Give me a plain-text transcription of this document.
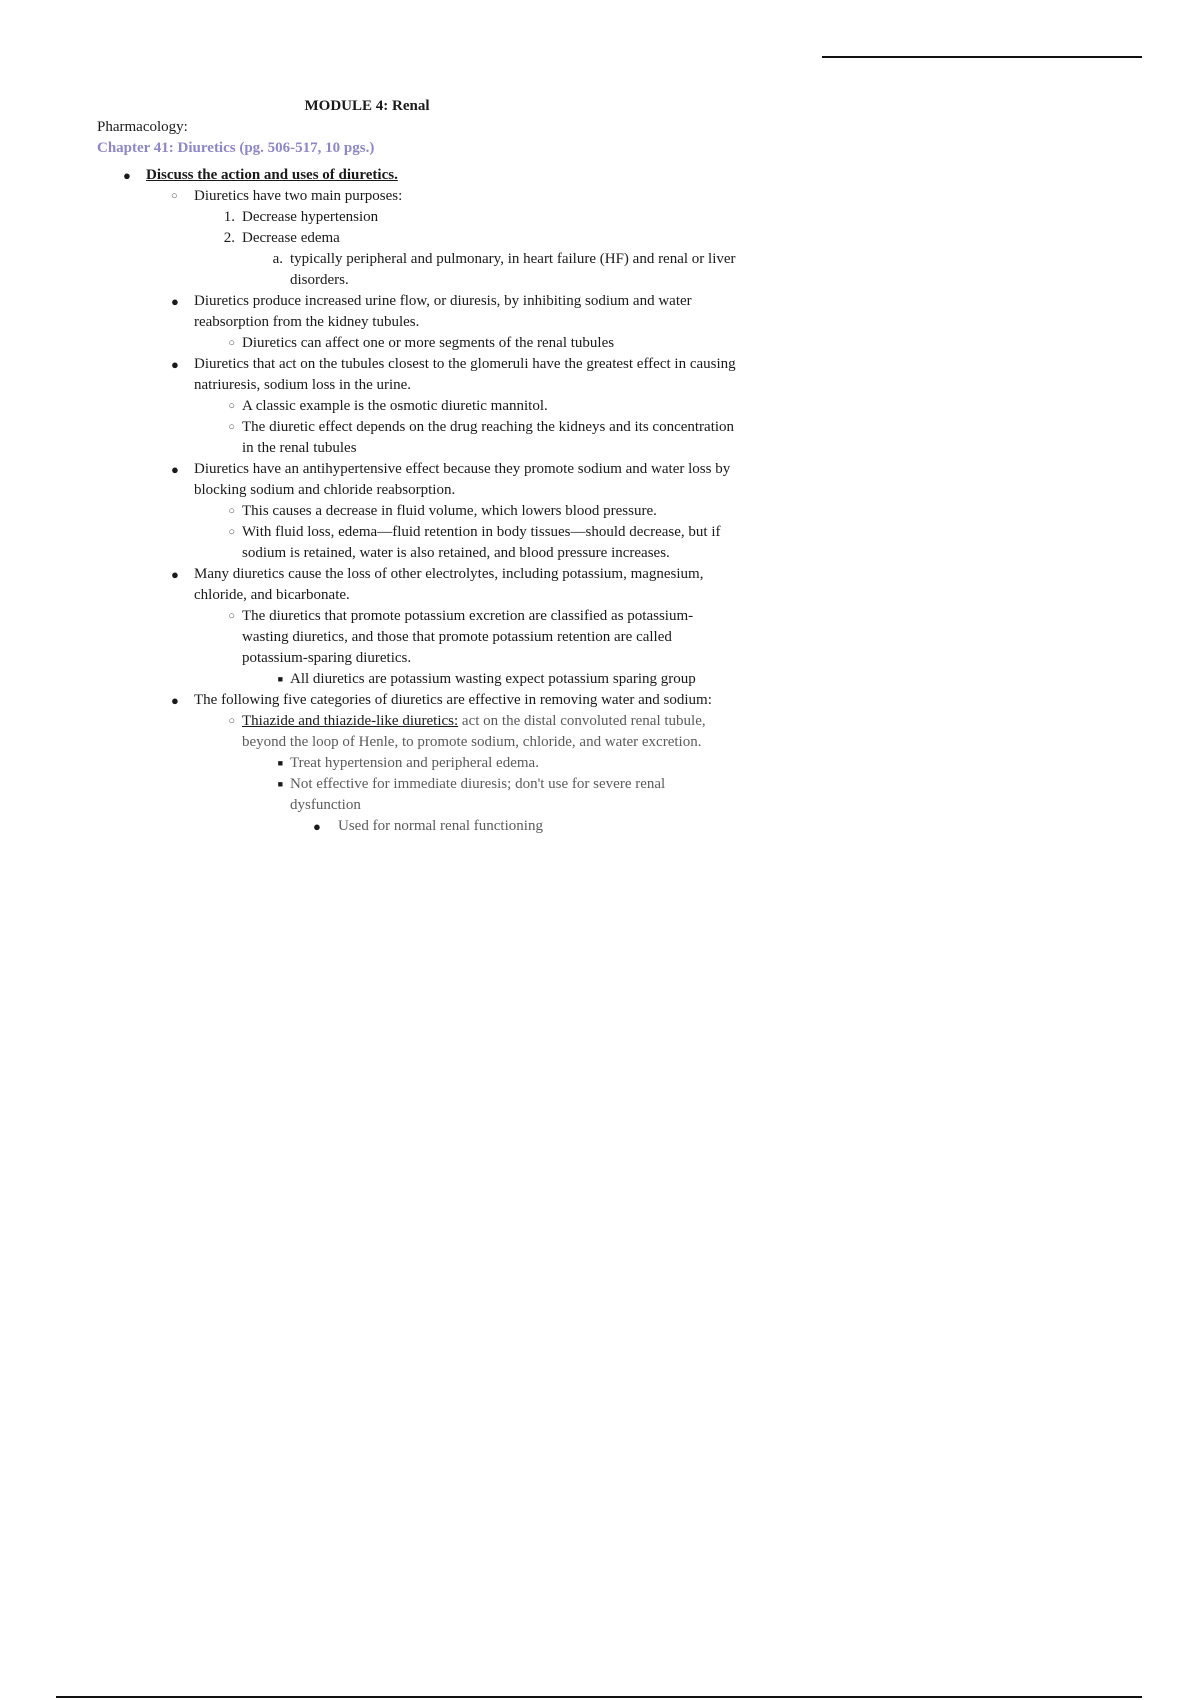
MODULE 4: Renal
Pharmacology:
Chapter 41: Diuretics (pg. 506-517, 10 pgs.)
● Discuss the action and uses of diuretics.
○ Diuretics have two main purposes:
1. Decrease hypertension
2. Decrease edema
a. typically peripheral and pulmonary, in heart failure (HF) and renal or liver disorders.
● Diuretics produce increased urine flow, or diuresis, by inhibiting sodium and water reabsorption from the kidney tubules.
○ Diuretics can affect one or more segments of the renal tubules
● Diuretics that act on the tubules closest to the glomeruli have the greatest effect in causing natriuresis, sodium loss in the urine.
○ A classic example is the osmotic diuretic mannitol.
○ The diuretic effect depends on the drug reaching the kidneys and its concentration in the renal tubules
● Diuretics have an antihypertensive effect because they promote sodium and water loss by blocking sodium and chloride reabsorption.
○ This causes a decrease in fluid volume, which lowers blood pressure.
○ With fluid loss, edema—fluid retention in body tissues—should decrease, but if sodium is retained, water is also retained, and blood pressure increases.
● Many diuretics cause the loss of other electrolytes, including potassium, magnesium, chloride, and bicarbonate.
○ The diuretics that promote potassium excretion are classified as potassium-wasting diuretics, and those that promote potassium retention are called potassium-sparing diuretics.
■ All diuretics are potassium wasting expect potassium sparing group
● The following five categories of diuretics are effective in removing water and sodium:
○ Thiazide and thiazide-like diuretics: act on the distal convoluted renal tubule, beyond the loop of Henle, to promote sodium, chloride, and water excretion.
■ Treat hypertension and peripheral edema.
■ Not effective for immediate diuresis; don't use for severe renal dysfunction
● Used for normal renal functioning
